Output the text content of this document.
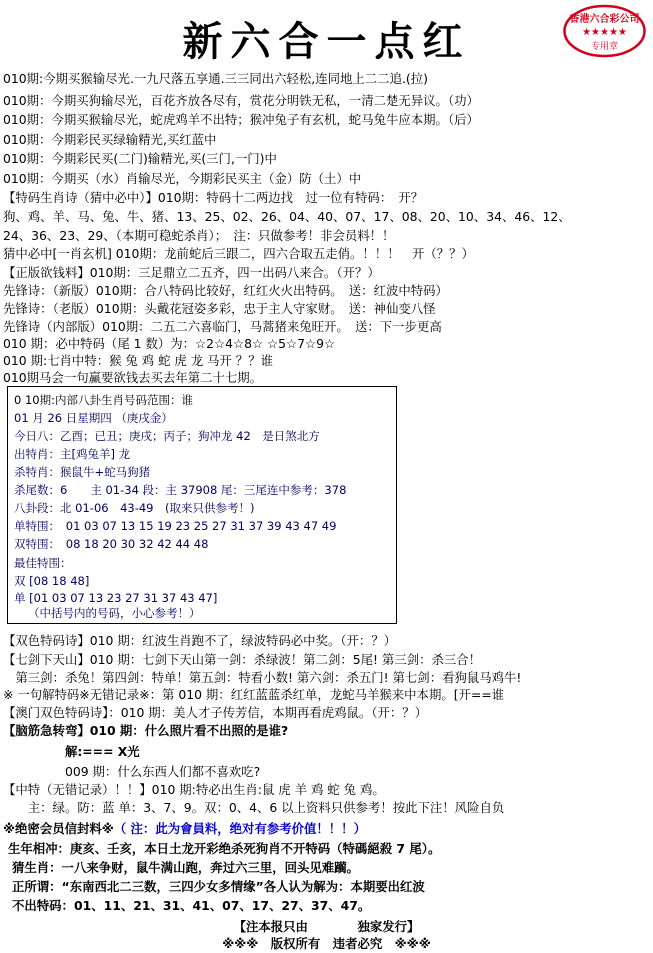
新六合一点红	香港六合彩公司
★★★★★
专用章
010期:今期买猴输尽光.一九尺落五享通.三三同出六轻松,连同地上二二追.(拉)
010期：今期买狗输尽光，百花齐放各尽有，赏花分明铁无私，一清二楚无异议。（功）
010期：今期买猴输尽光，蛇虎鸡羊不出特；猴冲兔子有玄机，蛇马兔牛应本期。（后）
010期：今期彩民买绿输精光,买红蓝中
010期：今期彩民买(二门)输精光,买(三门,一门)中
010期：今期买（水）肖输尽光，今期彩民买主（金）防（土）中
【特码生肖诗（猜中必中）】010期：特码十二两边找　过一位有特码：　开？
狗、鸡、羊、马、兔、牛、猪、13、25、02、26、04、40、07、17、08、20、10、34、46、12、
24、36、23、29、（本期可稳蛇杀肖）；　注：只做参考！非会员料！！
猜中必中[一肖玄机] 010期：龙前蛇后三跟二，四六合取五走俏。！！！　开（？？）
【正版欲钱料】010期：三足鼎立二五齐，四一出码八来合。（开？）
先锋诗：（新版）010期：合八特码比较好，红红火火出特码。　送：红波中特码）
先锋诗：（老版）010期：头戴花冠姿多彩，忠于主人守家财。　送：神仙变八怪
先锋诗（内部版）010期：二五二六喜临门，马蒿猪来兔旺开。　送：下一步更高
010 期：必中特码（尾 1 数）为：☆2☆4☆8☆ ☆5☆7☆9☆
010 期:七肖中特：猴 兔 鸡 蛇 虎 龙 马开 ？？谁
010期马会一句赢要欲钱去买去年第二十七期。
0 10期:内部八卦生肖号码范围：谁
01 月 26 日星期四 （庚戌金）
今日八：乙酉；已丑；庚戌；丙子；狗冲龙 42　是日煞北方
出特肖：主[鸡兔羊] 龙
杀特肖：猴鼠牛+蛇马狗猪
杀尾数：6　　主 01-34 段：主 37908 尾：三尾连中参考：378
八卦段：北 01-06　43-49　(取来只供参考！)
单特围：　01 03 07 13 15 19 23 25 27 31 37 39 43 47 49
双特围：　08 18 20 30 32 42 44 48
最佳特围：
双 [08 18 48]
单 [01 03 07 13 23 27 31 37 43 47]
（中括号内的号码，小心参考！）
【双色特码诗】010 期：红波生肖跑不了，绿波特码必中奖。（开：？）
【七剑下天山】010 期：七剑下天山第一剑：杀绿波！第二剑：5尾! 第三剑：杀三合！
　第三剑：杀兔！第四剑：特单！第五剑：特看小数! 第六剑：杀五门! 第七剑：看狗鼠马鸡牛!
※ 一句解特码※无错记录※：第 010 期：红红蓝蓝杀红单，龙蛇马羊猴来中本期。[开==谁
【澳门双色特码诗】：010 期：美人才子传芳信，本期再看虎鸡鼠。（开：？）
【脑筋急转弯】010 期：什么照片看不出照的是谁?
　　　　　解:=== X光
　　　　　009 期：什么东西人们都不喜欢吃?
【中特（无错记录）！！】010 期:特必出生肖:鼠 虎 羊 鸡 蛇 兔 鸡。
　　主：绿。防：蓝 单：3、7、9。双：0、4、6 以上资料只供参考！按此下注！风险自负
※绝密会员信封料※（ 注：此为會員料，绝对有参考价值！！！）
生年相冲：庚亥、壬亥，本日土龙开彩绝杀死狗肖不开特码（特碼絕殺 7 尾）。
猜生肖：一八来争财，鼠牛满山跑，奔过六三里，回头见难躏。
正所谓：“东南西北二三数，三四少女多情缘”各人认为解为：本期要出红波
不出特码：01、11、21、31、41、07、17、27、37、47。
【注本报只由　　　　独家发行】
※※※　版权所有　违者必究　※※※
